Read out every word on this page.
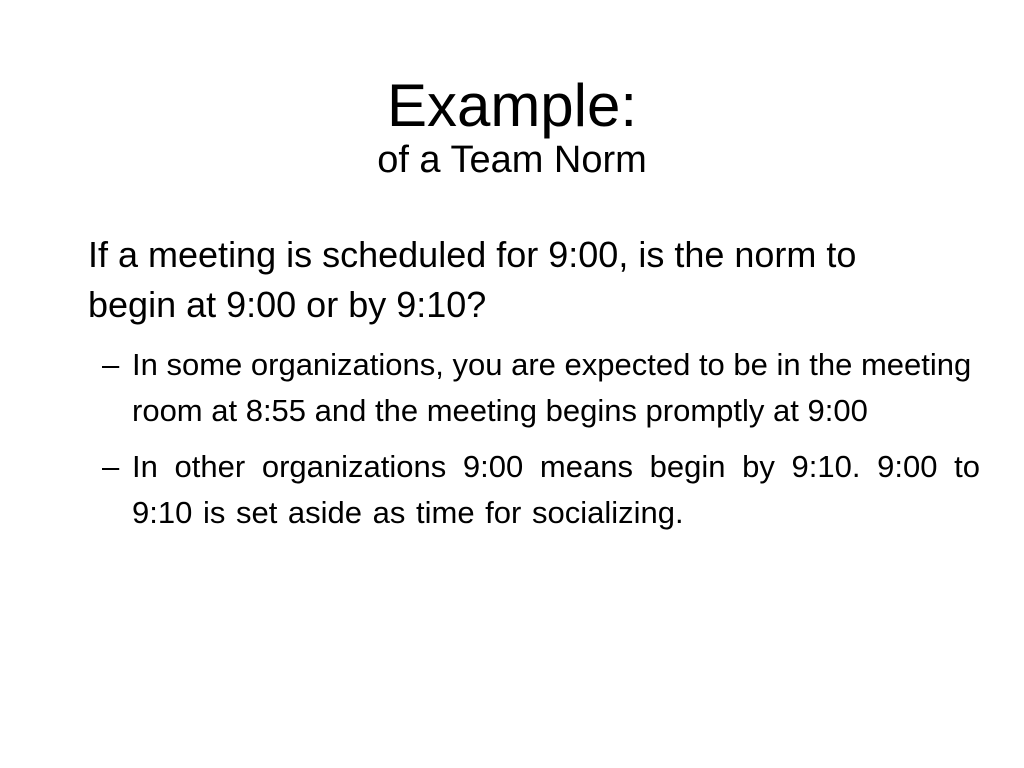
Example:
of a Team Norm

If a meeting is scheduled for 9:00, is the norm to begin at 9:00 or by 9:10?

– In some organizations, you are expected to be in the meeting room at 8:55 and the meeting begins promptly at 9:00
– In other organizations 9:00 means begin by 9:10. 9:00 to 9:10 is set aside as time for socializing.
